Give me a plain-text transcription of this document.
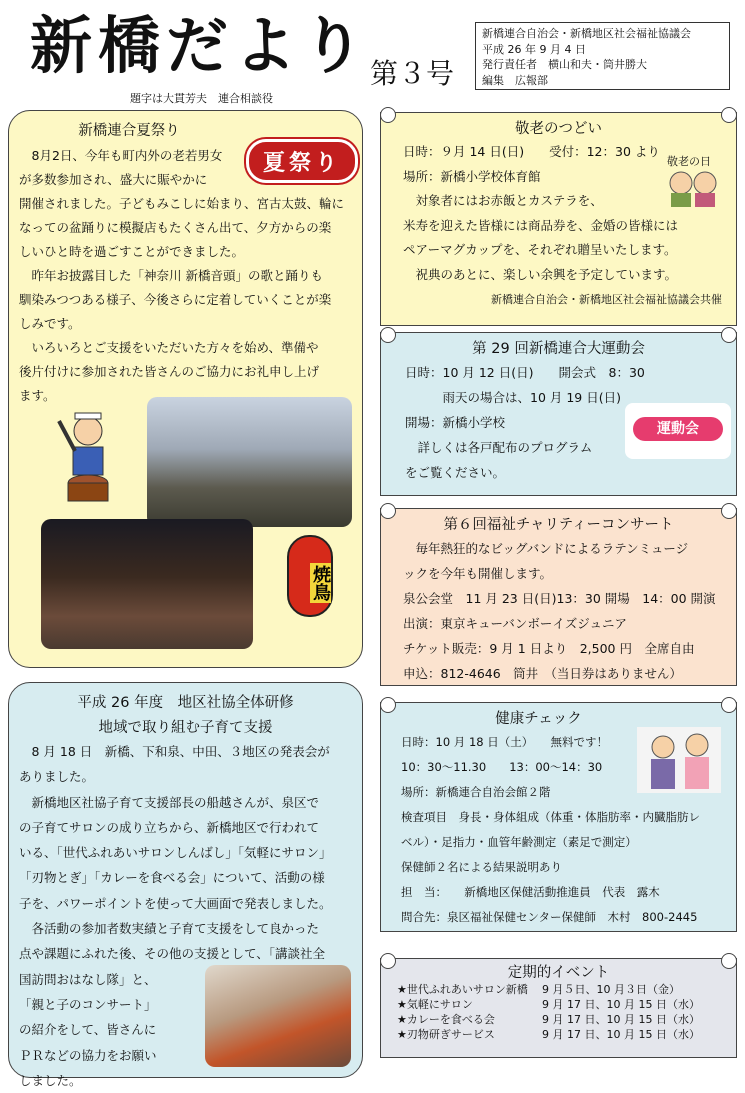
新橋だより 第３号
題字は大貫芳夫　連合相談役
新橋連合自治会・新橋地区社会福祉協議会
平成 26 年 9 月 4 日
発行責任者　横山和夫・筒井勝大
編集　広報部
新橋連合夏祭り
夏祭り
　8月2日、今年も町内外の老若男女
が多数参加され、盛大に賑やかに
開催されました。子どもみこしに始まり、宮古太鼓、輪に
なっての盆踊りに模擬店もたくさん出て、夕方からの楽
しいひと時を過ごすことができました。
　昨年お披露目した「神奈川 新橋音頭」の歌と踊りも
馴染みつつある様子、今後さらに定着していくことが楽
しみです。
　いろいろとご支援をいただいた方々を始め、準備や
後片付けに参加された皆さんのご協力にお礼申し上げ
ます。
焼鳥
平成 26 年度　地区社協全体研修
地域で取り組む子育て支援
　8 月 18 日　新橋、下和泉、中田、３地区の発表会が
ありました。
　新橋地区社協子育て支援部長の船越さんが、泉区で
の子育てサロンの成り立ちから、新橋地区で行われて
いる、「世代ふれあいサロンしんばし」「気軽にサロン」
「刃物とぎ」「カレーを食べる会」について、活動の様
子を、パワーポイントを使って大画面で発表しました。
　各活動の参加者数実績と子育て支援をして良かった
点や課題にふれた後、その他の支援として、「講談社全
国訪問おはなし隊」と、
「親と子のコンサート」
の紹介をして、皆さんに
ＰＲなどの協力をお願い
しました。
敬老のつどい
日時：９月 14 日(日)　　受付：12：30 より
場所：新橋小学校体育館
　対象者にはお赤飯とカステラを、
米寿を迎えた皆様には商品券を、金婚の皆様には
ペアーマグカップを、それぞれ贈呈いたします。
　祝典のあとに、楽しい余興を予定しています。
新橋連合自治会・新橋地区社会福祉協議会共催
敬老の日
第 29 回新橋連合大運動会
日時：10 月 12 日(日)　　開会式　8：30
　　　雨天の場合は、10 月 19 日(日)
開場：新橋小学校
　詳しくは各戸配布のプログラム
をご覧ください。
運動会
第６回福祉チャリティーコンサート
　毎年熱狂的なビッグバンドによるラテンミュージ
ックを今年も開催します。
泉公会堂　11 月 23 日(日)13：30 開場　14：00 開演
出演：東京キューバンボーイズジュニア
チケット販売：9 月 1 日より　2,500 円　全席自由
申込：812-4646　筒井　（当日券はありません）
健康チェック
日時：10 月 18 日（土）　　無料です！
10：30～11.30　　13：00～14：30
場所：新橋連合自治会館２階
検査項目　身長・身体組成（体重・体脂肪率・内臓脂肪レ
ベル）・足指力・血管年齢測定（素足で測定）
保健師２名による結果説明あり
担　当：　　新橋地区保健活動推進員　代表　露木
問合先：泉区福祉保健センター保健師　木村　800-2445
定期的イベント
★世代ふれあいサロン新橋	9 月５日、10 月３日（金）
★気軽にサロン	9 月 17 日、10 月 15 日（水）
★カレーを食べる会	9 月 17 日、10 月 15 日（水）
★刃物研ぎサービス	9 月 17 日、10 月 15 日（水）
